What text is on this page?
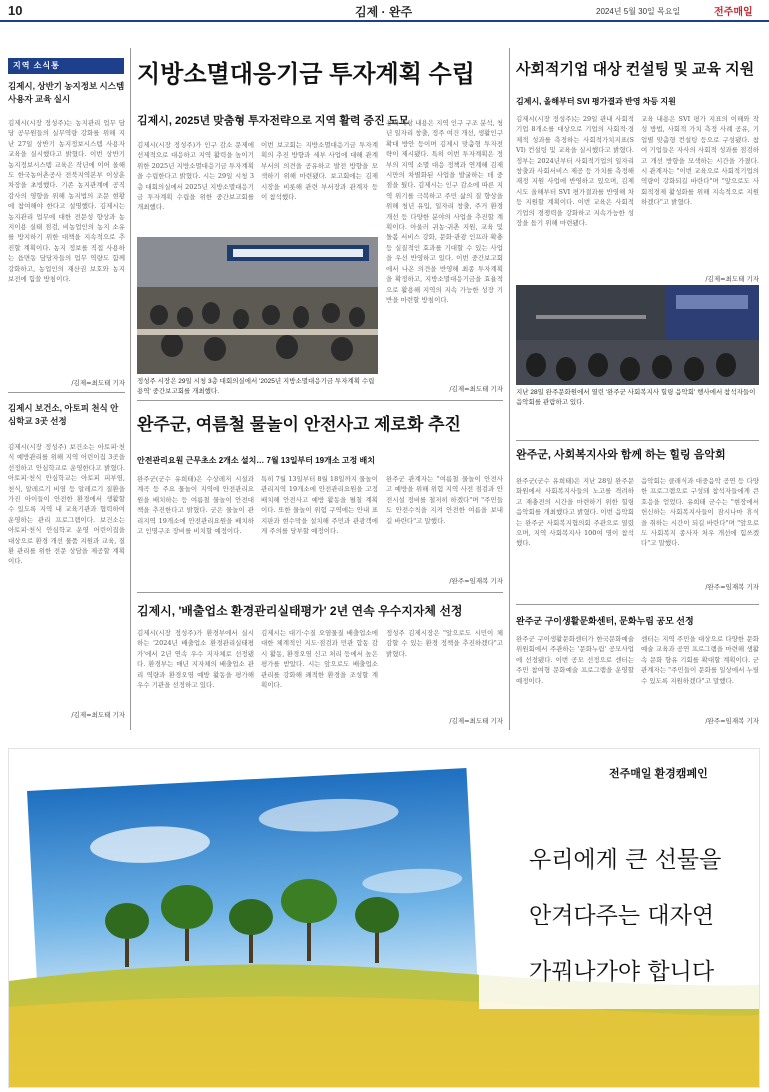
10	김제 · 완주	2024년 5월 30일 목요일	전주매일
지역 소식통
김제시, 상반기 농지정보 시스템 사용자 교육 실시
김제시(시장 정성주)는 농지관리 업무 담당 공무원들의 실무역량 강화를 위해 지난 27일 상반기 농지정보시스템 사용자 교육을 실시했다고 밝혔다. 이번 상반기 농지정보시스템 교육은 작년에 이어 올해도 한국농어촌공사 전북지역본부 이상훈 차장을 초빙했다. 기존 농지관계에 공직감사의 영향을 위해 농지법의 조문 현황에 참여해야 한다고 설명했다. 김제시는 농지관리 업무에 대한 전문성 향상과 농지이용 실태 점검, 비농업인의 농지 소유를 방지하기 위한 대책을 지속적으로 추진할 계획이다. 농지 정보를 직접 사용하는 읍면동 담당자들의 업무 역량도 함께 강화하고, 농업인의 재산권 보호와 농지 보전에 힘쓸 방침이다.
/김제=최도태 기자
김제시 보건소, 아토피 천식 안심학교 3곳 선정
김제시(시장 정성주) 보건소는 아토피·천식 예방관리를 위해 지역 어린이집 3곳을 선정하고 안심학교로 운영한다고 밝혔다. 아토피·천식 안심학교는 아토피 피부염, 천식, 알레르기 비염 등 알레르기 질환을 가진 아이들이 안전한 환경에서 생활할 수 있도록 지역 내 교육기관과 협력하여 운영하는 관리 프로그램이다. 보건소는 아토피·천식 안심학교 운영 어린이집을 대상으로 환경 개선 물품 지원과 교육, 질환 관리를 위한 전문 상담을 제공할 계획이다.
/김제=최도태 기자
지방소멸대응기금 투자계획 수립
김제시, 2025년 맞춤형 투자전략으로 지역 활력 증진 도모
김제시(시장 정성주)가 인구 감소 문제에 선제적으로 대응하고 지역 활력을 높이기 위한 2025년 지방소멸대응기금 투자계획을 수립한다고 밝혔다. 시는 29일 시청 3층 대회의실에서 2025년 지방소멸대응기금 투자계획 수립을 위한 중간보고회를 개최했다.
이번 보고회는 지방소멸대응기금 투자계획의 추진 방향과 세부 사업에 대해 관계 부서의 의견을 공유하고 발전 방향을 모색하기 위해 마련됐다. 보고회에는 김제시장을 비롯해 관련 부서장과 관계자 등이 참석했다.
용역 대상 내용은 지역 인구 구조 분석, 청년 일자리 창출, 정주 여건 개선, 생활인구 확대 방안 등이며 김제시 맞춤형 투자전략이 제시됐다. 특히 이번 투자계획은 정부의 지역 소멸 대응 정책과 연계해 김제시만의 차별화된 사업을 발굴하는 데 중점을 뒀다. 김제시는 인구 감소에 따른 지역 위기를 극복하고 주민 삶의 질 향상을 위해 청년 유입, 일자리 창출, 주거 환경 개선 등 다양한 분야의 사업을 추진할 계획이다. 아울러 귀농·귀촌 지원, 교육 및 돌봄 서비스 강화, 문화·관광 인프라 확충 등 실질적인 효과를 기대할 수 있는 사업을 우선 반영하고 있다. 이번 중간보고회에서 나온 의견을 반영해 최종 투자계획을 확정하고, 지방소멸대응기금을 효율적으로 활용해 지역의 지속 가능한 성장 기반을 마련할 방침이다.
/김제=최도태 기자
정성주 시장은 29일 시청 3층 대회의실에서 '2025년 지방소멸대응기금 투자계획 수립 용역' 중간보고회를 개최했다.
사회적기업 대상 컨설팅 및 교육 지원
김제시, 올해부터 SVI 평가결과 반영 차등 지원
김제시(시장 정성주)는 29일 관내 사회적기업 8개소를 대상으로 기업의 사회적·경제적 성과를 측정하는 사회적가치지표(SVI) 컨설팅 및 교육을 실시했다고 밝혔다. 정부는 2024년부터 사회적기업의 일자리 창출과 사회서비스 제공 등 가치를 측정해 재정 지원 사업에 반영하고 있으며, 김제시도 올해부터 SVI 평가결과를 반영해 차등 지원할 계획이다. 이번 교육은 사회적기업의 경쟁력을 강화하고 지속가능한 성장을 돕기 위해 마련됐다.
교육 내용은 SVI 평가 지표의 이해와 작성 방법, 사회적 가치 측정 사례 공유, 기업별 맞춤형 컨설팅 등으로 구성됐다. 참여 기업들은 자사의 사회적 성과를 점검하고 개선 방향을 모색하는 시간을 가졌다. 시 관계자는 "이번 교육으로 사회적기업의 역량이 강화되길 바란다"며 "앞으로도 사회적경제 활성화를 위해 지속적으로 지원하겠다"고 밝혔다.
/김제=최도태 기자
지난 28일 완주문화원에서 열린 '완주군 사회복지사 힐링 음악회' 행사에서 참석자들이 음악회를 관람하고 있다.
완주군, 여름철 물놀이 안전사고 제로화 추진
안전관리요원 근무초소 2개소 설치… 7월 13일부터 19개소 고정 배치
완주군(군수 유희태)은 수상레저 시설과 계곡 등 주요 물놀이 지역에 안전관리요원을 배치하는 등 여름철 물놀이 안전대책을 추진한다고 밝혔다. 군은 물놀이 관리지역 19개소에 안전관리요원을 배치하고 인명구조 장비를 비치할 예정이다.
특히 7월 13일부터 8월 18일까지 물놀이 관리지역 19개소에 안전관리요원을 고정 배치해 안전사고 예방 활동을 펼칠 계획이다. 또한 물놀이 위험 구역에는 안내 표지판과 현수막을 설치해 주민과 관광객에게 주의를 당부할 예정이다.
완주군 관계자는 "여름철 물놀이 안전사고 예방을 위해 위험 지역 사전 점검과 안전시설 정비를 철저히 하겠다"며 "주민들도 안전수칙을 지켜 안전한 여름을 보내길 바란다"고 말했다.
/완주=임재복 기자
완주군, 사회복지사와 함께 하는 힐링 음악회
완주군(군수 유희태)은 지난 28일 완주문화원에서 사회복지사들의 노고를 격려하고 재충전의 시간을 마련하기 위한 힐링 음악회를 개최했다고 밝혔다. 이번 음악회는 완주군 사회복지협의회 주관으로 열렸으며, 지역 사회복지사 100여 명이 참석했다.
음악회는 클래식과 대중음악 공연 등 다양한 프로그램으로 구성돼 참석자들에게 큰 호응을 얻었다. 유희태 군수는 "현장에서 헌신하는 사회복지사들이 잠시나마 휴식을 취하는 시간이 되길 바란다"며 "앞으로도 사회복지 종사자 처우 개선에 힘쓰겠다"고 말했다.
/완주=임재복 기자
김제시, '배출업소 환경관리실태평가' 2년 연속 우수지자체 선정
김제시(시장 정성주)가 환경부에서 실시하는 '2024년 배출업소 환경관리실태평가'에서 2년 연속 우수 지자체로 선정됐다. 환경부는 매년 지자체의 배출업소 관리 역량과 환경오염 예방 활동을 평가해 우수 기관을 선정하고 있다.
김제시는 대기·수질 오염물질 배출업소에 대한 체계적인 지도·점검과 민관 합동 감시 활동, 환경오염 신고 처리 등에서 높은 평가를 받았다. 시는 앞으로도 배출업소 관리를 강화해 쾌적한 환경을 조성할 계획이다.
정성주 김제시장은 "앞으로도 시민이 체감할 수 있는 환경 정책을 추진하겠다"고 밝혔다.
/김제=최도태 기자
완주군 구이생활문화센터, 문화누림 공모 선정
완주군 구이생활문화센터가 한국문화예술위원회에서 주관하는 '문화누림' 공모사업에 선정됐다. 이번 공모 선정으로 센터는 주민 참여형 문화예술 프로그램을 운영할 예정이다.
센터는 지역 주민을 대상으로 다양한 문화예술 교육과 공연 프로그램을 마련해 생활 속 문화 향유 기회를 확대할 계획이다. 군 관계자는 "주민들이 문화를 일상에서 누릴 수 있도록 지원하겠다"고 말했다.
/완주=임재복 기자
전주매일 환경캠페인
우리에게 큰 선물을
안겨다주는 대자연
가꿔나가야 합니다
